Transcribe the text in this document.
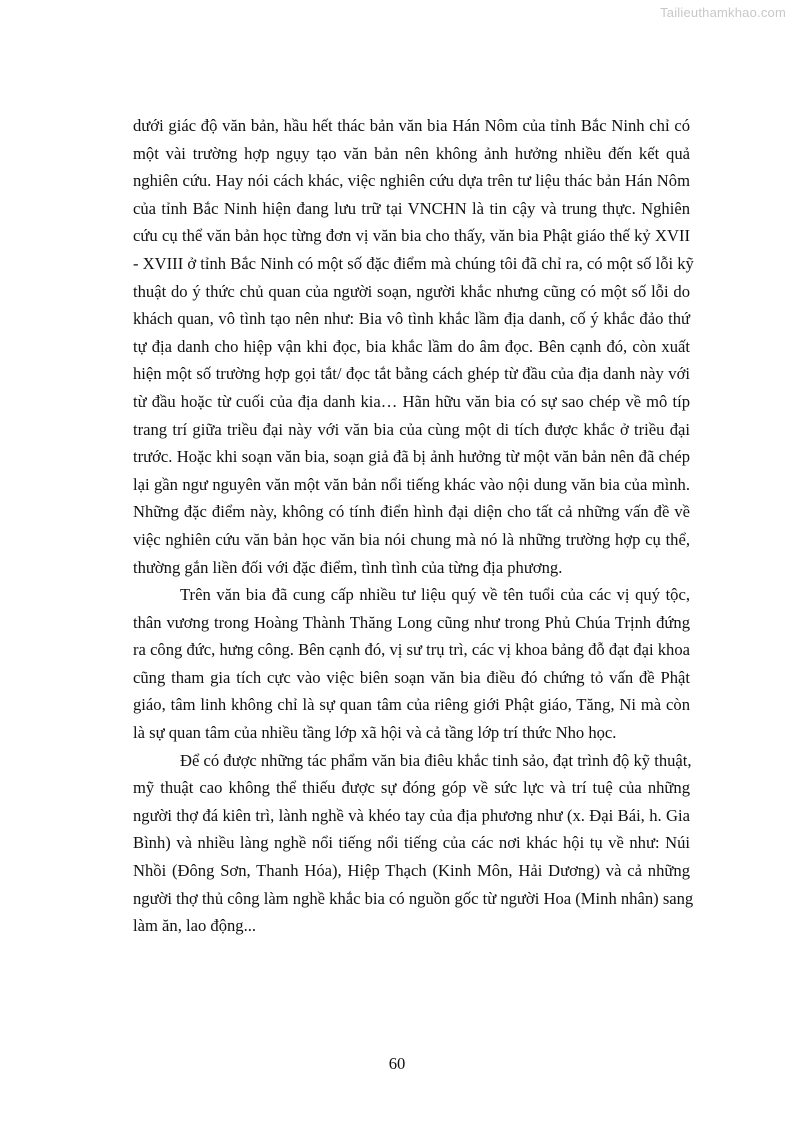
Tailieuthamkhao.com
dưới giác độ văn bản, hầu hết thác bản văn bia Hán Nôm của tỉnh Bắc Ninh chỉ có
một vài trường hợp ngụy tạo văn bản nên không ảnh hưởng nhiều đến kết quả
nghiên cứu. Hay nói cách khác, việc nghiên cứu dựa trên tư liệu thác bản Hán Nôm
của tỉnh Bắc Ninh hiện đang lưu trữ tại VNCHN là tin cậy và trung thực. Nghiên
cứu cụ thể văn bản học từng đơn vị văn bia cho thấy, văn bia Phật giáo thế kỷ XVII
- XVIII ở tỉnh Bắc Ninh có một số đặc điểm mà chúng tôi đã chỉ ra, có một số lỗi kỹ
thuật do ý thức chủ quan của người soạn, người khắc nhưng cũng có một số lỗi do
khách quan, vô tình tạo nên như: Bia vô tình khắc lầm địa danh, cố ý khắc đảo thứ
tự địa danh cho hiệp vận khi đọc, bia khắc lầm do âm đọc. Bên cạnh đó, còn xuất
hiện một số trường hợp gọi tắt/ đọc tắt bằng cách ghép từ đầu của địa danh này với
từ đầu hoặc từ cuối của địa danh kia… Hãn hữu văn bia có sự sao chép về mô típ
trang trí giữa triều đại này với văn bia của cùng một di tích được khắc ở triều đại
trước. Hoặc khi soạn văn bia, soạn giả đã bị ảnh hưởng từ một văn bản nên đã chép
lại gần ngư nguyên văn một văn bản nổi tiếng khác vào nội dung văn bia của mình.
Những đặc điểm này, không có tính điển hình đại diện cho tất cả những vấn đề về
việc nghiên cứu văn bản học văn bia nói chung mà nó là những trường hợp cụ thể,
thường gắn liền đối với đặc điểm, tình tình của từng địa phương.
Trên văn bia đã cung cấp nhiều tư liệu quý về tên tuổi của các vị quý tộc,
thân vương trong Hoàng Thành Thăng Long cũng như trong Phủ Chúa Trịnh đứng
ra công đức, hưng công. Bên cạnh đó, vị sư trụ trì, các vị khoa bảng đỗ đạt đại khoa
cũng tham gia tích cực vào việc biên soạn văn bia điều đó chứng tỏ vấn đề Phật
giáo, tâm linh không chỉ là sự quan tâm của riêng giới Phật giáo, Tăng, Ni mà còn
là sự quan tâm của nhiều tầng lớp xã hội và cả tầng lớp trí thức Nho học.
Để có được những tác phẩm văn bia điêu khắc tinh sảo, đạt trình độ kỹ thuật,
mỹ thuật cao không thể thiếu được sự đóng góp về sức lực và trí tuệ của những
người thợ đá kiên trì, lành nghề và khéo tay của địa phương như (x. Đại Bái, h. Gia
Bình) và nhiều làng nghề nổi tiếng nổi tiếng của các nơi khác hội tụ về như: Núi
Nhồi (Đông Sơn, Thanh Hóa), Hiệp Thạch (Kinh Môn, Hải Dương) và cả những
người thợ thủ công làm nghề khắc bia có nguồn gốc từ người Hoa (Minh nhân) sang
làm ăn, lao động...
60
